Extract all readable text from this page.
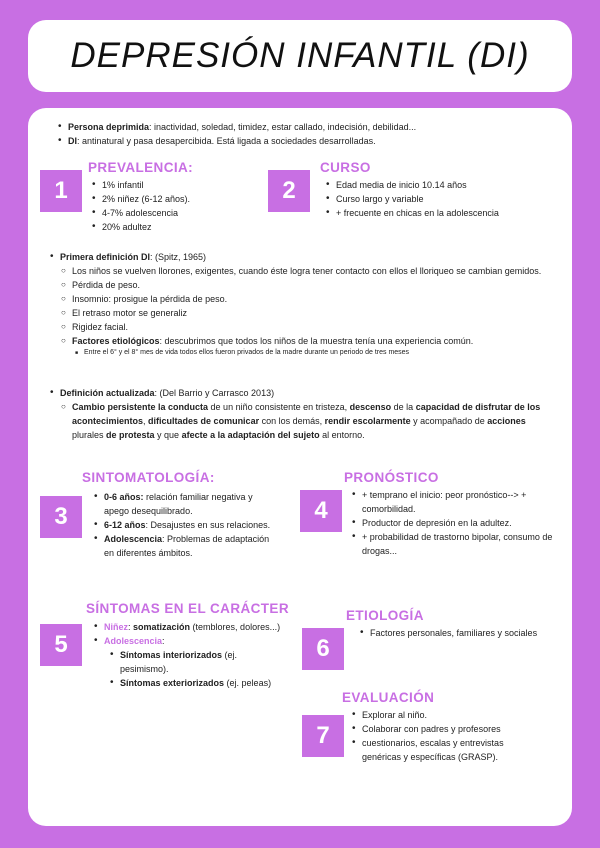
DEPRESIÓN INFANTIL (DI)
• Persona deprimida: inactividad, soledad, timidez, estar callado, indecisión, debilidad...
• DI: antinatural y pasa desapercibida. Está ligada a sociedades desarrolladas.
1
PREVALENCIA:
• 1% infantil
• 2% niñez (6-12 años).
• 4-7% adolescencia
• 20% adultez
2
CURSO
• Edad media de inicio 10.14 años
• Curso largo y variable
• + frecuente en chicas en la adolescencia
• Primera definición DI: (Spitz, 1965)
○ Los niños se vuelven llorones, exigentes, cuando éste logra tener contacto con ellos el lloriqueo se cambian gemidos.
○ Pérdida de peso.
○ Insomnio: prosigue la pérdida de peso.
○ El retraso motor se generaliz
○ Rigidez facial.
○ Factores etiológicos: descubrimos que todos los niños de la muestra tenía una experiencia común.
■ Entre el 6° y el 8° mes de vida todos ellos fueron privados de la madre durante un periodo de tres meses
• Definición actualizada: (Del Barrio y Carrasco 2013)
○ Cambio persistente la conducta de un niño consistente en tristeza, descenso de la capacidad de disfrutar de los acontecimientos, dificultades de comunicar con los demás, rendir escolarmente y acompañado de acciones plurales de protesta y que afecte a la adaptación del sujeto al entorno.
3
SINTOMATOLOGÍA:
• 0-6 años: relación familiar negativa y apego desequilibrado.
• 6-12 años: Desajustes en sus relaciones.
• Adolescencia: Problemas de adaptación en diferentes ámbitos.
4
PRONÓSTICO
• + temprano el inicio: peor pronóstico--> + comorbilidad.
• Productor de depresión en la adultez.
• + probabilidad de trastorno bipolar, consumo de drogas...
5
SÍNTOMAS EN EL CARÁCTER
• Niñez: somatización (temblores, dolores...)
• Adolescencia:
• Síntomas interiorizados (ej. pesimismo).
• Síntomas exteriorizados (ej. peleas)
6
ETIOLOGÍA
• Factores personales, familiares y sociales
7
EVALUACIÓN
• Explorar al niño.
• Colaborar con padres y profesores
• cuestionarios, escalas y entrevistas genéricas y específicas (GRASP).
